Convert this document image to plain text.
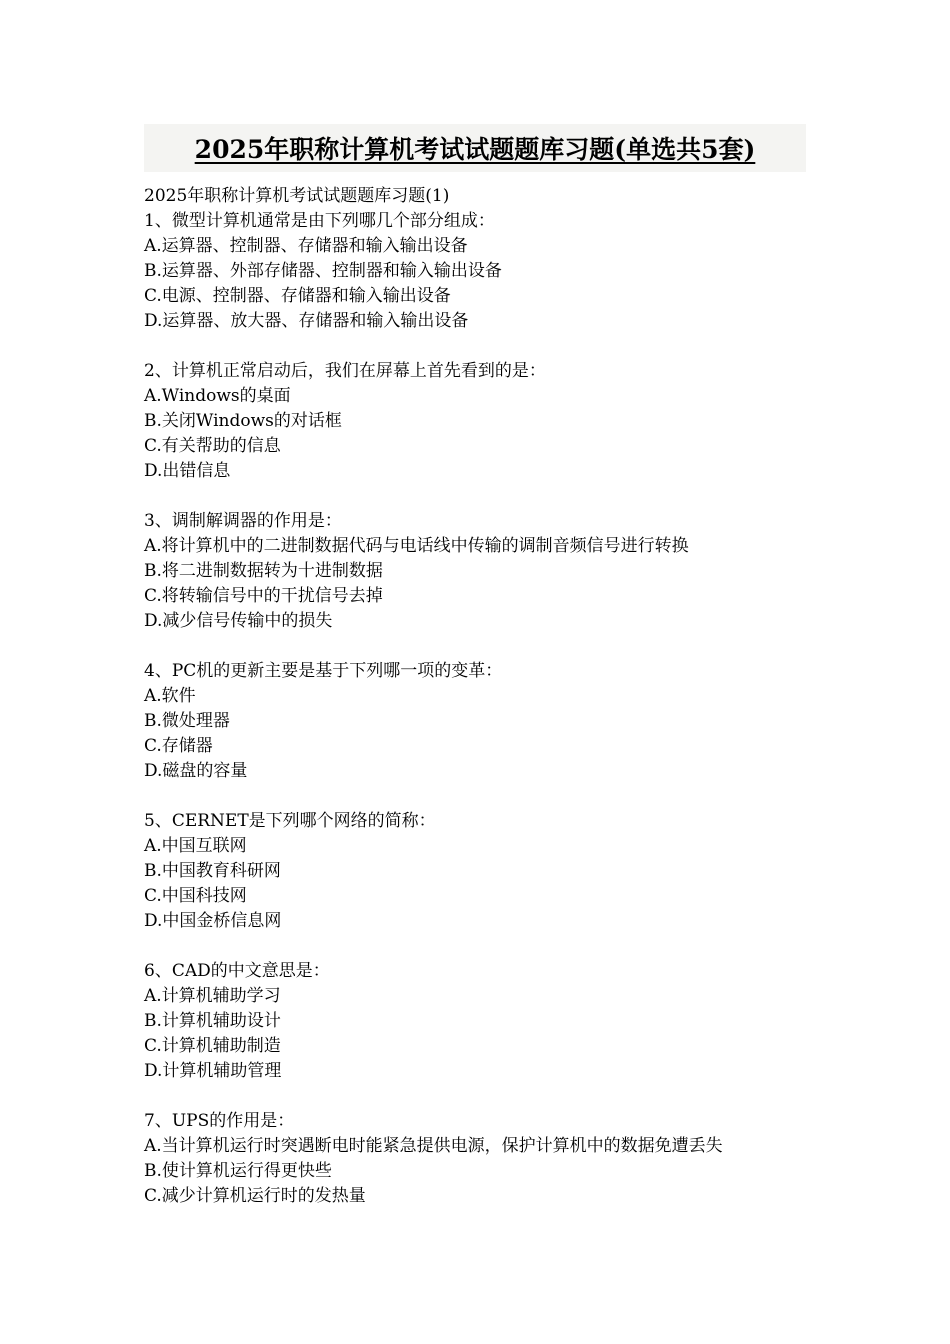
2025年职称计算机考试试题题库习题(单选共5套)
2025年职称计算机考试试题题库习题(1)
1、微型计算机通常是由下列哪几个部分组成：
A.运算器、控制器、存储器和输入输出设备
B.运算器、外部存储器、控制器和输入输出设备
C.电源、控制器、存储器和输入输出设备
D.运算器、放大器、存储器和输入输出设备
2、计算机正常启动后，我们在屏幕上首先看到的是：
A.Windows的桌面
B.关闭Windows的对话框
C.有关帮助的信息
D.出错信息
3、调制解调器的作用是：
A.将计算机中的二进制数据代码与电话线中传输的调制音频信号进行转换
B.将二进制数据转为十进制数据
C.将转输信号中的干扰信号去掉
D.减少信号传输中的损失
4、PC机的更新主要是基于下列哪一项的变革：
A.软件
B.微处理器
C.存储器
D.磁盘的容量
5、CERNET是下列哪个网络的简称：
A.中国互联网
B.中国教育科研网
C.中国科技网
D.中国金桥信息网
6、CAD的中文意思是：
A.计算机辅助学习
B.计算机辅助设计
C.计算机辅助制造
D.计算机辅助管理
7、UPS的作用是：
A.当计算机运行时突遇断电时能紧急提供电源，保护计算机中的数据免遭丢失
B.使计算机运行得更快些
C.减少计算机运行时的发热量
